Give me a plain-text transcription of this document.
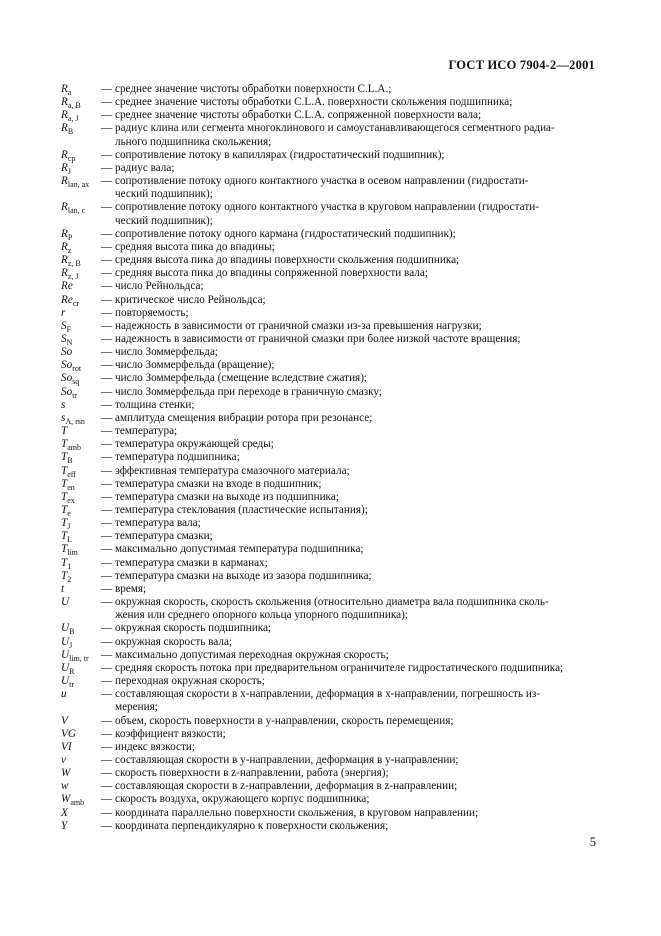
ГОСТ ИСО 7904-2—2001
$R_a$	— среднее значение чистоты обработки поверхности C.L.A.;
$R_{a, B}$	— среднее значение чистоты обработки C.L.A. поверхности скольжения подшипника;
$R_{a, J}$	— среднее значение чистоты обработки C.L.A. сопряженной поверхности вала;
$R_B$	— радиус клина или сегмента многоклинового и самоустанавливающегося сегментного радиа-
льного подшипника скольжения;
$R_{cp}$	— сопротивление потоку в капиллярах (гидростатический подшипник);
$R_J$	— радиус вала;
$R_{lan, ax}$	— сопротивление потоку одного контактного участка в осевом направлении (гидростати-
ческий подшипник);
$R_{lan, c}$	— сопротивление потоку одного контактного участка в круговом направлении (гидростати-
ческий подшипник);
$R_P$	— сопротивление потоку одного кармана (гидростатический подшипник);
$R_z$	— средняя высота пика до впадины;
$R_{z, B}$	— средняя высота пика до впадины поверхности скольжения подшипника;
$R_{z, J}$	— средняя высота пика до впадины сопряженной поверхности вала;
Re	— число Рейнольдса;
$Re_{cr}$	— критическое число Рейнольдса;
r	— повторяемость;
$S_F$	— надежность в зависимости от граничной смазки из-за превышения нагрузки;
$S_N$	— надежность в зависимости от граничной смазки при более низкой частоте вращения;
So	— число Зоммерфельда;
$So_{rot}$	— число Зоммерфельда (вращение);
$So_{sq}$	— число Зоммерфельда (смещение вследствие сжатия);
$So_{tr}$	— число Зоммерфельда при переходе в граничную смазку;
s	— толщина стенки;
$s_{A, rsn}$	— амплитуда смещения вибрации ротора при резонансе;
T	— температура;
$T_{amb}$	— температура окружающей среды;
$T_B$	— температура подшипника;
$T_{eff}$	— эффективная температура смазочного материала;
$T_{en}$	— температура смазки на входе в подшипник;
$T_{ex}$	— температура смазки на выходе из подшипника;
$T_e$	— температура стеклования (пластические испытания);
$T_J$	— температура вала;
$T_L$	— температура смазки;
$T_{lim}$	— максимально допустимая температура подшипника;
$T_1$	— температура смазки в карманах;
$T_2$	— температура смазки на выходе из зазора подшипника;
t	— время;
U	— окружная скорость, скорость скольжения (относительно диаметра вала подшипника сколь-
жения или среднего опорного кольца упорного подшипника);
$U_B$	— окружная скорость подшипника;
$U_J$	— окружная скорость вала;
$U_{lim, tr}$	— максимально допустимая переходная окружная скорость;
$U_R$	— средняя скорость потока при предварительном ограничителе гидростатического подшипника;
$U_{tr}$	— переходная окружная скорость;
u	— составляющая скорости в x-направлении, деформация в x-направлении, погрешность из-
мерения;
V	— объем, скорость поверхности в y-направлении, скорость перемещения;
VG	— коэффициент вязкости;
VI	— индекс вязкости;
v	— составляющая скорости в y-направлении, деформация в y-направлении;
W	— скорость поверхности в z-направлении, работа (энергия);
w	— составляющая скорости в z-направлении, деформация в z-направлении;
$W_{amb}$	— скорость воздуха, окружающего корпус подшипника;
X	— координата параллельно поверхности скольжения, в круговом направлении;
Y	— координата перпендикулярно к поверхности скольжения;
5
